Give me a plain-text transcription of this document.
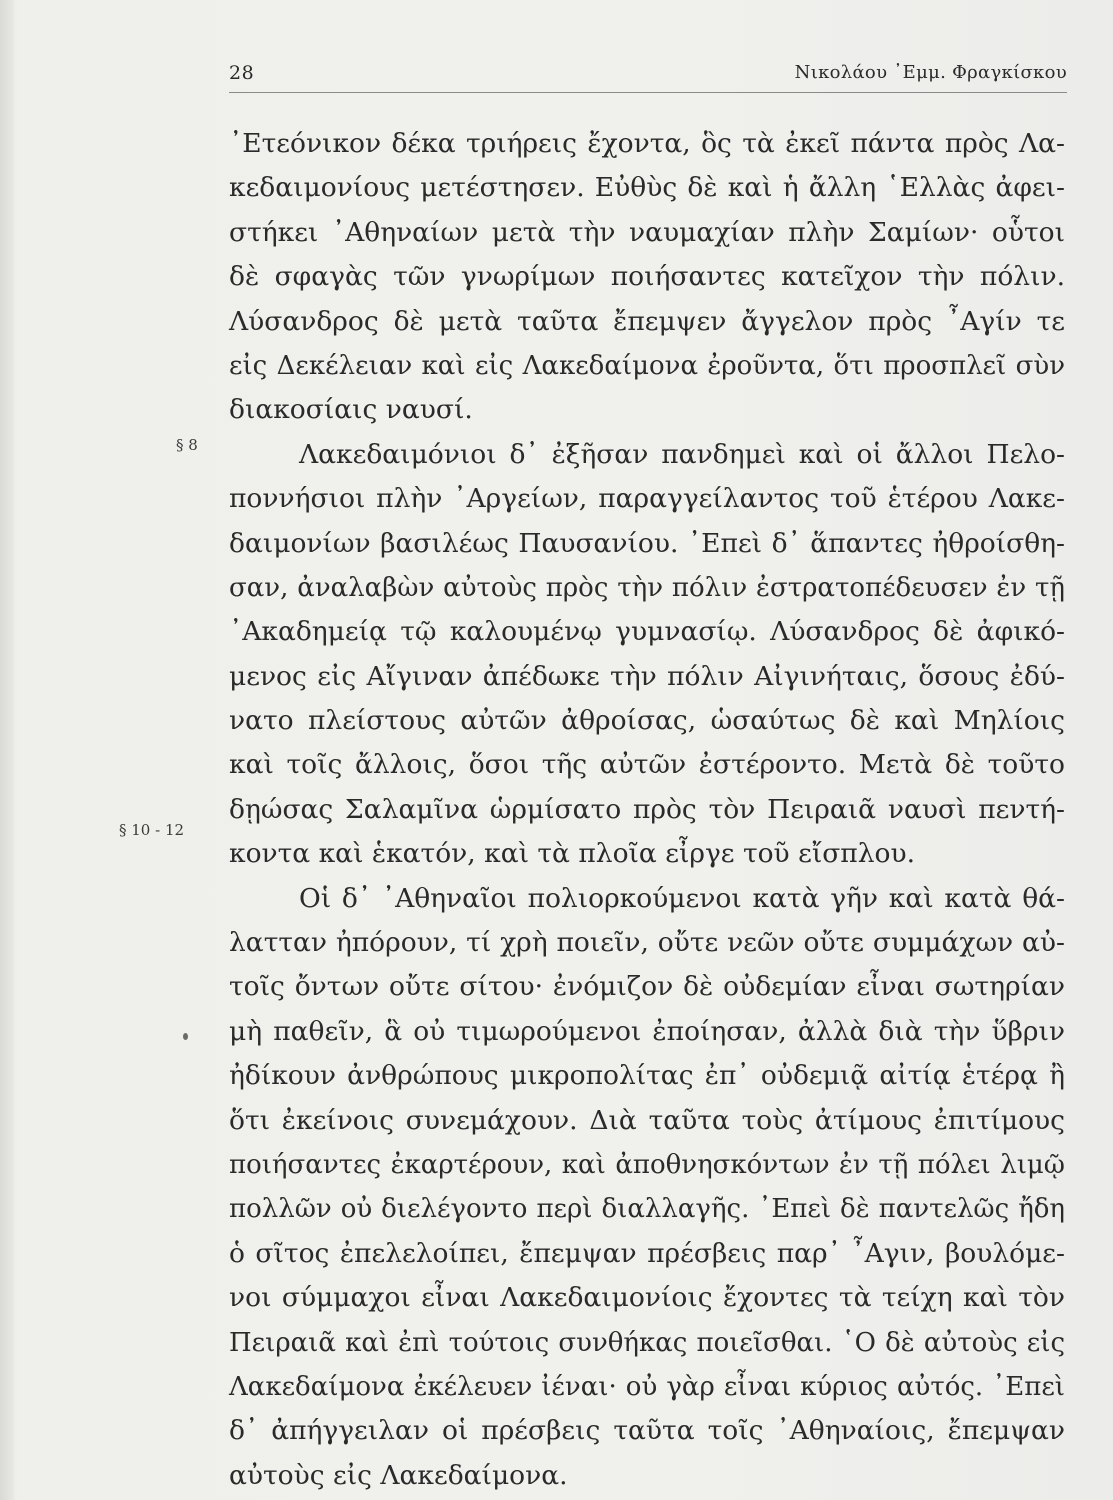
28	Νικολάου ᾿Εμμ. Φραγκίσκου
§ 8
§ 10 - 12
᾿Ετεόνικον δέκα τριήρεις ἔχοντα, ὃς τὰ ἐκεῖ πάντα πρὸς Λα-
κεδαιμονίους μετέστησεν. Εὐθὺς δὲ καὶ ἡ ἄλλη ῾Ελλὰς ἀφει-
στήκει ᾿Αθηναίων μετὰ τὴν ναυμαχίαν πλὴν Σαμίων· οὗτοι
δὲ σφαγὰς τῶν γνωρίμων ποιήσαντες κατεῖχον τὴν πόλιν.
Λύσανδρος δὲ μετὰ ταῦτα ἔπεμψεν ἄγγελον πρὸς ῏Αγίν τε
εἰς Δεκέλειαν καὶ εἰς Λακεδαίμονα ἐροῦντα, ὅτι προσπλεῖ σὺν
διακοσίαις ναυσί.
Λακεδαιμόνιοι δ᾿ ἐξῆσαν πανδημεὶ καὶ οἱ ἄλλοι Πελο-
ποννήσιοι πλὴν ᾿Αργείων, παραγγείλαντος τοῦ ἑτέρου Λακε-
δαιμονίων βασιλέως Παυσανίου. ᾿Επεὶ δ᾿ ἅπαντες ἠθροίσθη-
σαν, ἀναλαβὼν αὐτοὺς πρὸς τὴν πόλιν ἐστρατοπέδευσεν ἐν τῇ
᾿Ακαδημείᾳ τῷ καλουμένῳ γυμνασίῳ. Λύσανδρος δὲ ἀφικό-
μενος εἰς Αἴγιναν ἀπέδωκε τὴν πόλιν Αἰγινήταις, ὅσους ἐδύ-
νατο πλείστους αὐτῶν ἀθροίσας, ὡσαύτως δὲ καὶ Μηλίοις
καὶ τοῖς ἄλλοις, ὅσοι τῆς αὐτῶν ἐστέροντο. Μετὰ δὲ τοῦτο
δῃώσας Σαλαμῖνα ὡρμίσατο πρὸς τὸν Πειραιᾶ ναυσὶ πεντή-
κοντα καὶ ἑκατόν, καὶ τὰ πλοῖα εἶργε τοῦ εἴσπλου.
Οἱ δ᾿ ᾿Αθηναῖοι πολιορκούμενοι κατὰ γῆν καὶ κατὰ θά-
λατταν ἠπόρουν, τί χρὴ ποιεῖν, οὔτε νεῶν οὔτε συμμάχων αὐ-
τοῖς ὄντων οὔτε σίτου· ἐνόμιζον δὲ οὐδεμίαν εἶναι σωτηρίαν
μὴ παθεῖν, ἃ οὐ τιμωρούμενοι ἐποίησαν, ἀλλὰ διὰ τὴν ὕβριν
ἠδίκουν ἀνθρώπους μικροπολίτας ἐπ᾿ οὐδεμιᾷ αἰτίᾳ ἑτέρᾳ ἢ
ὅτι ἐκείνοις συνεμάχουν. Διὰ ταῦτα τοὺς ἀτίμους ἐπιτίμους
ποιήσαντες ἐκαρτέρουν, καὶ ἀποθνησκόντων ἐν τῇ πόλει λιμῷ
πολλῶν οὐ διελέγοντο περὶ διαλλαγῆς. ᾿Επεὶ δὲ παντελῶς ἤδη
ὁ σῖτος ἐπελελοίπει, ἔπεμψαν πρέσβεις παρ᾿ ῏Αγιν, βουλόμε-
νοι σύμμαχοι εἶναι Λακεδαιμονίοις ἔχοντες τὰ τείχη καὶ τὸν
Πειραιᾶ καὶ ἐπὶ τούτοις συνθήκας ποιεῖσθαι. ῾Ο δὲ αὐτοὺς εἰς
Λακεδαίμονα ἐκέλευεν ἰέναι· οὐ γὰρ εἶναι κύριος αὐτός. ᾿Επεὶ
δ᾿ ἀπήγγειλαν οἱ πρέσβεις ταῦτα τοῖς ᾿Αθηναίοις, ἔπεμψαν
αὐτοὺς εἰς Λακεδαίμονα.
